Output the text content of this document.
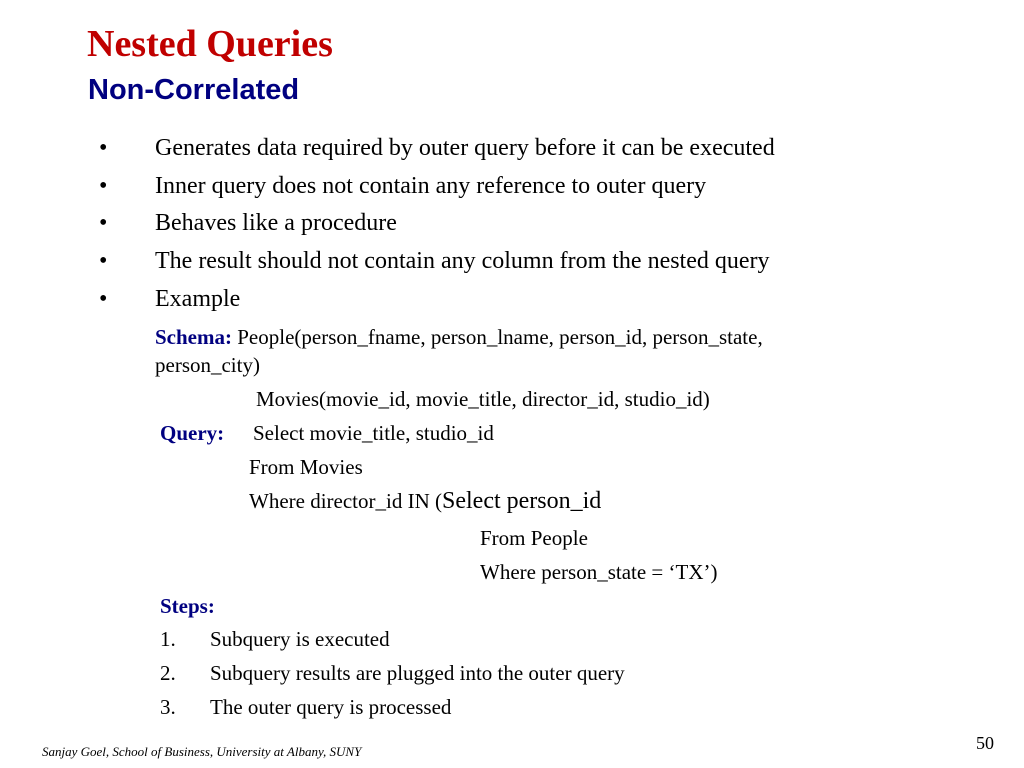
Nested Queries
Non-Correlated
• Generates data required by outer query before it can be executed
• Inner query does not contain any reference to outer query
• Behaves like a procedure
• The result should not contain any column from the nested query
• Example
Schema: People(person_fname, person_lname, person_id, person_state,
person_city)
Movies(movie_id, movie_title, director_id, studio_id)
Query: Select movie_title, studio_id
From Movies
Where director_id IN (Select person_id
From People
Where person_state = ‘TX’)
Steps:
1. Subquery is executed
2. Subquery results are plugged into the outer query
3. The outer query is processed
Sanjay Goel, School of Business, University at Albany, SUNY	50
